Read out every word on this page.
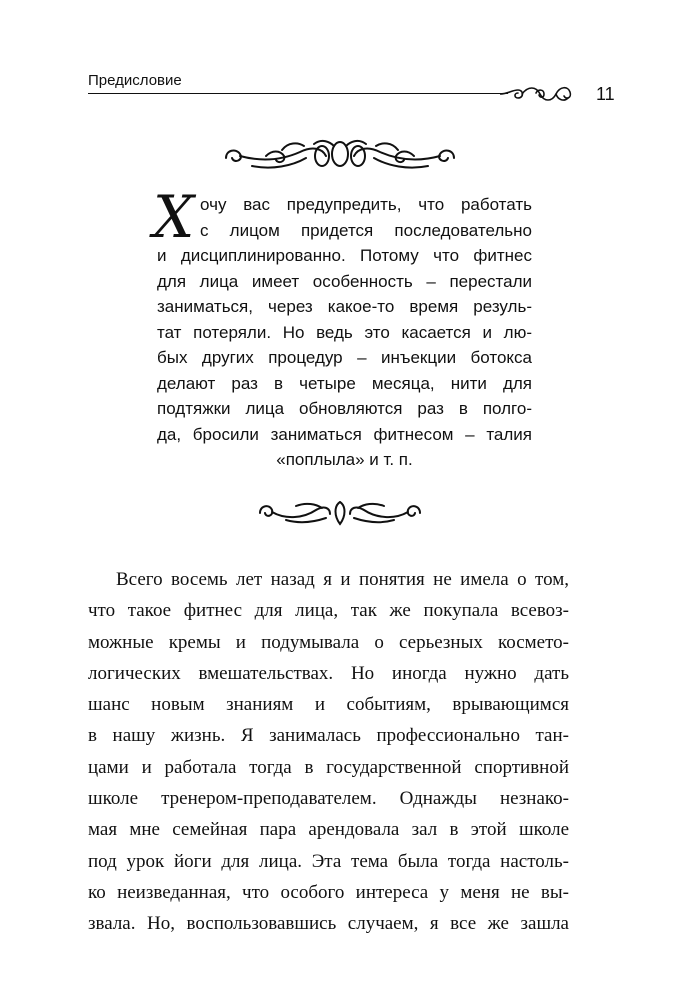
Предисловие
11
Х очу вас предупредить, что работать
с лицом придется последовательно
и дисциплинированно. Потому что фитнес
для лица имеет особенность – перестали
заниматься, через какое-то время резуль-
тат потеряли. Но ведь это касается и лю-
бых других процедур – инъекции ботокса
делают раз в четыре месяца, нити для
подтяжки лица обновляются раз в полго-
да, бросили заниматься фитнесом – талия
«поплыла» и т. п.
Всего восемь лет назад я и понятия не имела о том,
что такое фитнес для лица, так же покупала всевоз-
можные кремы и подумывала о серьезных космето-
логических вмешательствах. Но иногда нужно дать
шанс новым знаниям и событиям, врывающимся
в нашу жизнь. Я занималась профессионально тан-
цами и работала тогда в государственной спортивной
школе тренером-преподавателем. Однажды незнако-
мая мне семейная пара арендовала зал в этой школе
под урок йоги для лица. Эта тема была тогда настоль-
ко неизведанная, что особого интереса у меня не вы-
звала. Но, воспользовавшись случаем, я все же зашла
